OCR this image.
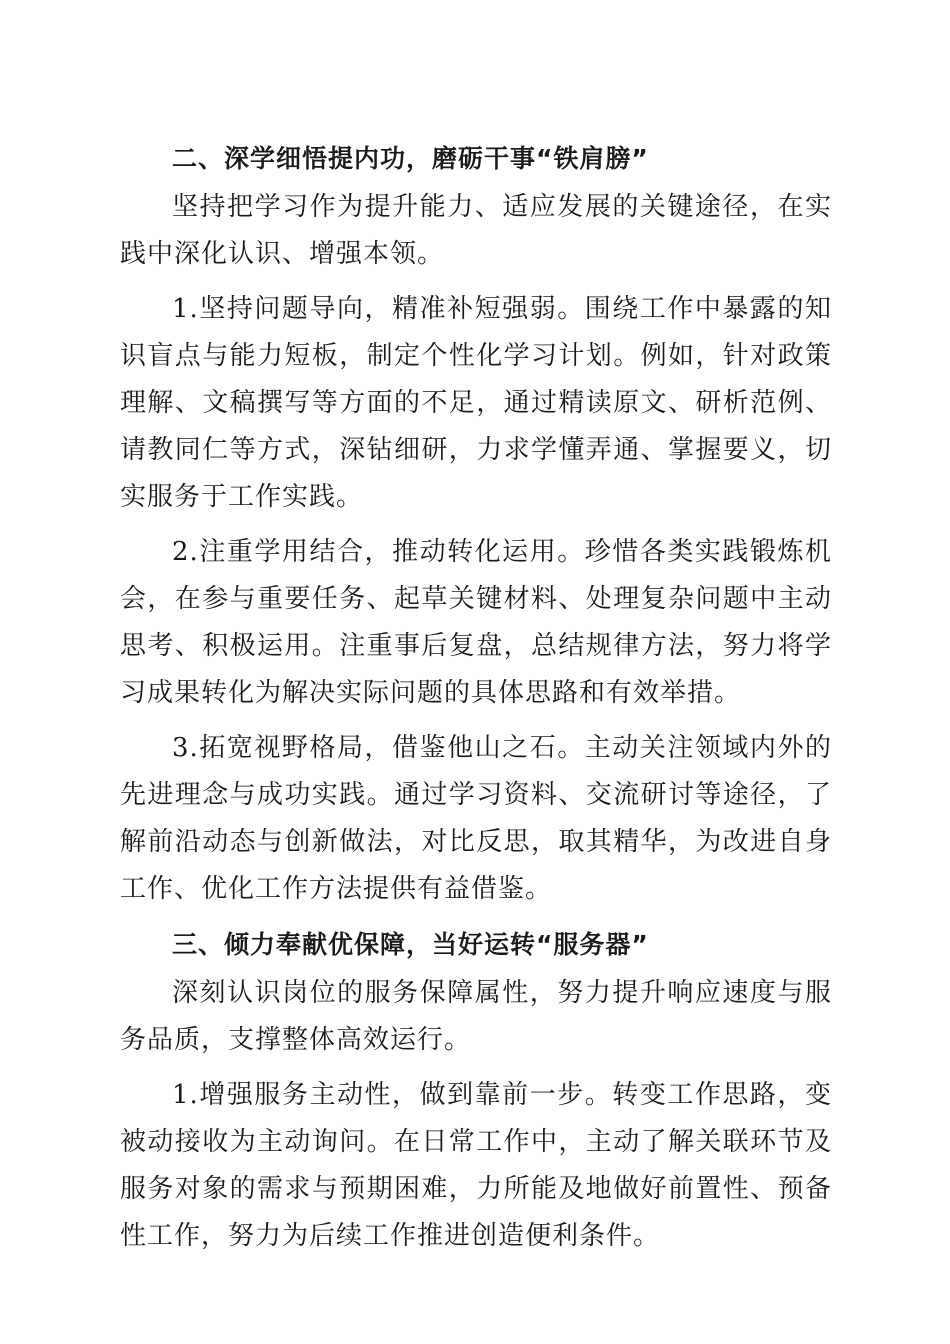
二、深学细悟提内功，磨砺干事“铁肩膀”
坚持把学习作为提升能力、适应发展的关键途径，在实践中深化认识、增强本领。
1.坚持问题导向，精准补短强弱。围绕工作中暴露的知识盲点与能力短板，制定个性化学习计划。例如，针对政策理解、文稿撰写等方面的不足，通过精读原文、研析范例、请教同仁等方式，深钻细研，力求学懂弄通、掌握要义，切实服务于工作实践。
2.注重学用结合，推动转化运用。珍惜各类实践锻炼机会，在参与重要任务、起草关键材料、处理复杂问题中主动思考、积极运用。注重事后复盘，总结规律方法，努力将学习成果转化为解决实际问题的具体思路和有效举措。
3.拓宽视野格局，借鉴他山之石。主动关注领域内外的先进理念与成功实践。通过学习资料、交流研讨等途径，了解前沿动态与创新做法，对比反思，取其精华，为改进自身工作、优化工作方法提供有益借鉴。
三、倾力奉献优保障，当好运转“服务器”
深刻认识岗位的服务保障属性，努力提升响应速度与服务品质，支撑整体高效运行。
1.增强服务主动性，做到靠前一步。转变工作思路，变被动接收为主动询问。在日常工作中，主动了解关联环节及服务对象的需求与预期困难，力所能及地做好前置性、预备性工作，努力为后续工作推进创造便利条件。
